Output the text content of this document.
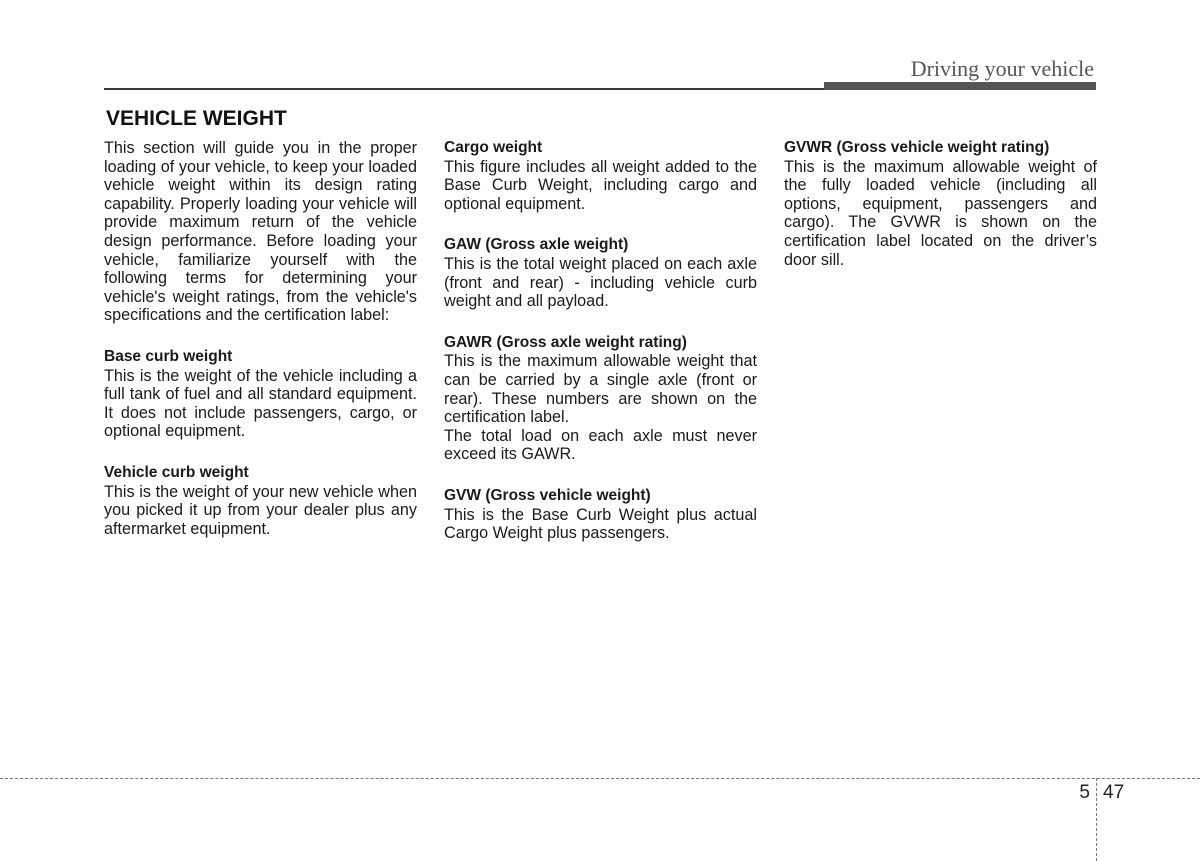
Driving your vehicle
VEHICLE WEIGHT

This section will guide you in the proper loading of your vehicle, to keep your loaded vehicle weight within its design rating capability. Properly loading your vehicle will provide maximum return of the vehicle design performance. Before loading your vehicle, familiarize yourself with the following terms for determining your vehicle's weight ratings, from the vehicle's specifications and the certification label:

Base curb weight

This is the weight of the vehicle including a full tank of fuel and all standard equipment. It does not include passengers, cargo, or optional equipment.

Vehicle curb weight

This is the weight of your new vehicle when you picked it up from your dealer plus any aftermarket equipment.

Cargo weight

This figure includes all weight added to the Base Curb Weight, including cargo and optional equipment.

GAW (Gross axle weight)

This is the total weight placed on each axle (front and rear) - including vehicle curb weight and all payload.

GAWR (Gross axle weight rating)

This is the maximum allowable weight that can be carried by a single axle (front or rear). These numbers are shown on the certification label.

The total load on each axle must never exceed its GAWR.

GVW (Gross vehicle weight)

This is the Base Curb Weight plus actual Cargo Weight plus passengers.

GVWR (Gross vehicle weight rating)

This is the maximum allowable weight of the fully loaded vehicle (including all options, equipment, passengers and cargo). The GVWR is shown on the certification label located on the driver’s door sill.

5 47
